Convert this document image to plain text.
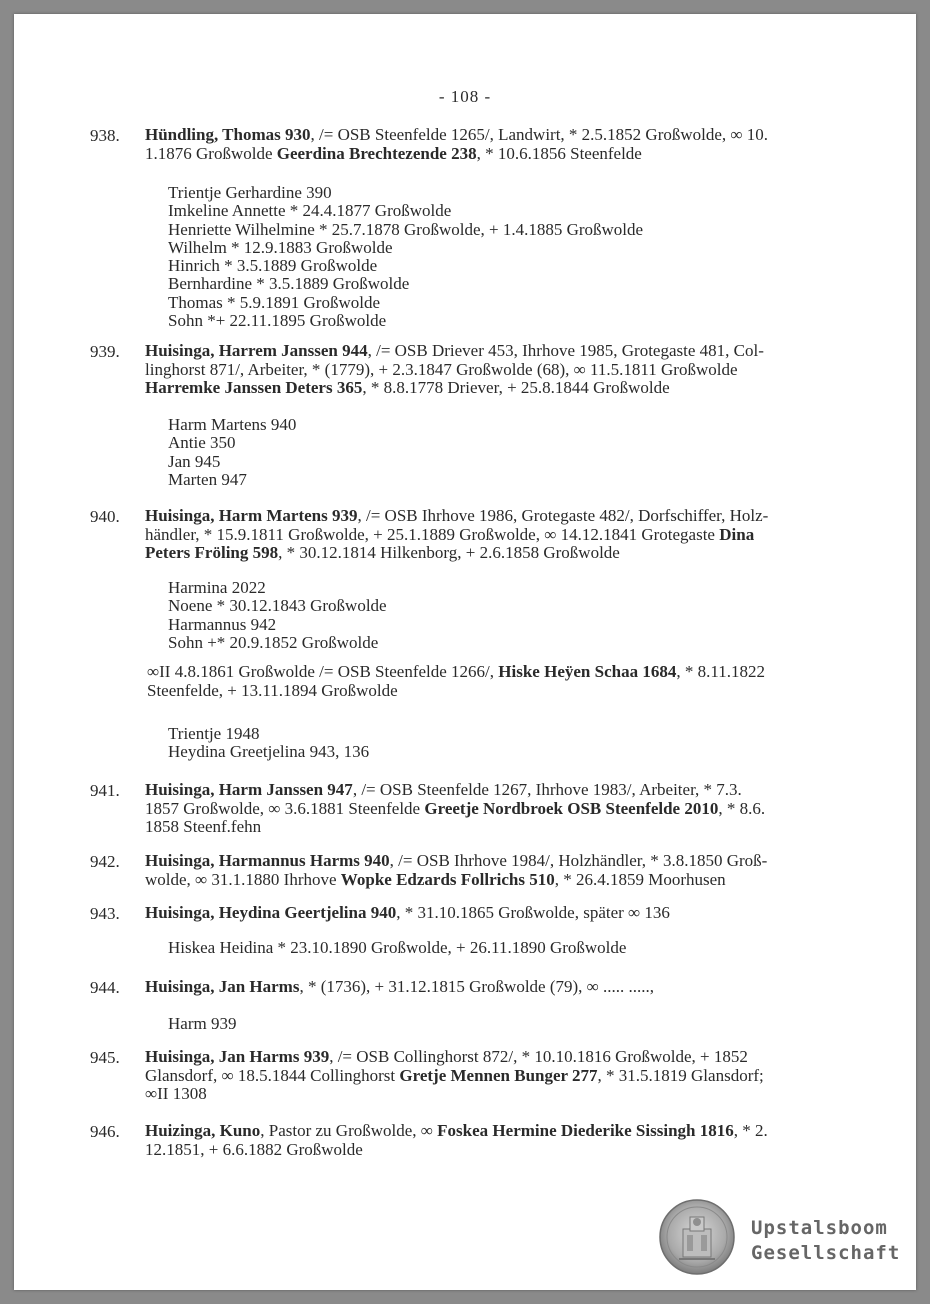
- 108 -
938. Hündling, Thomas 930, /= OSB Steenfelde 1265/, Landwirt, * 2.5.1852 Großwolde, ∞ 10.
1.1876 Großwolde Geerdina Brechtezende 238, * 10.6.1856 Steenfelde
Trientje Gerhardine 390
Imkeline Annette * 24.4.1877 Großwolde
Henriette Wilhelmine * 25.7.1878 Großwolde, + 1.4.1885 Großwolde
Wilhelm * 12.9.1883 Großwolde
Hinrich * 3.5.1889 Großwolde
Bernhardine * 3.5.1889 Großwolde
Thomas * 5.9.1891 Großwolde
Sohn *+ 22.11.1895 Großwolde
939. Huisinga, Harrem Janssen 944, /= OSB Driever 453, Ihrhove 1985, Grotegaste 481, Col-
linghorst 871/, Arbeiter, * (1779), + 2.3.1847 Großwolde (68), ∞ 11.5.1811 Großwolde
Harremke Janssen Deters 365, * 8.8.1778 Driever, + 25.8.1844 Großwolde
Harm Martens 940
Antie 350
Jan 945
Marten 947
940. Huisinga, Harm Martens 939, /= OSB Ihrhove 1986, Grotegaste 482/, Dorfschiffer, Holz-
händler, * 15.9.1811 Großwolde, + 25.1.1889 Großwolde, ∞ 14.12.1841 Grotegaste Dina
Peters Fröling 598, * 30.12.1814 Hilkenborg, + 2.6.1858 Großwolde
Harmina 2022
Noene * 30.12.1843 Großwolde
Harmannus 942
Sohn +* 20.9.1852 Großwolde
∞II 4.8.1861 Großwolde /= OSB Steenfelde 1266/, Hiske Heÿen Schaa 1684, * 8.11.1822
Steenfelde, + 13.11.1894 Großwolde
Trientje 1948
Heydina Greetjelina 943, 136
941. Huisinga, Harm Janssen 947, /= OSB Steenfelde 1267, Ihrhove 1983/, Arbeiter, * 7.3.
1857 Großwolde, ∞ 3.6.1881 Steenfelde Greetje Nordbroek OSB Steenfelde 2010, * 8.6.
1858 Steenf.fehn
942. Huisinga, Harmannus Harms 940, /= OSB Ihrhove 1984/, Holzhändler, * 3.8.1850 Groß-
wolde, ∞ 31.1.1880 Ihrhove Wopke Edzards Follrichs 510, * 26.4.1859 Moorhusen
943. Huisinga, Heydina Geertjelina 940, * 31.10.1865 Großwolde, später ∞ 136
Hiskea Heidina * 23.10.1890 Großwolde, + 26.11.1890 Großwolde
944. Huisinga, Jan Harms, * (1736), + 31.12.1815 Großwolde (79), ∞ ..... .....,
Harm 939
945. Huisinga, Jan Harms 939, /= OSB Collinghorst 872/, * 10.10.1816 Großwolde, + 1852
Glansdorf, ∞ 18.5.1844 Collinghorst Gretje Mennen Bunger 277, * 31.5.1819 Glansdorf;
∞II 1308
946. Huizinga, Kuno, Pastor zu Großwolde, ∞ Foskea Hermine Diederike Sissingh 1816, * 2.
12.1851, + 6.6.1882 Großwolde
Upstalsboom
Gesellschaft
